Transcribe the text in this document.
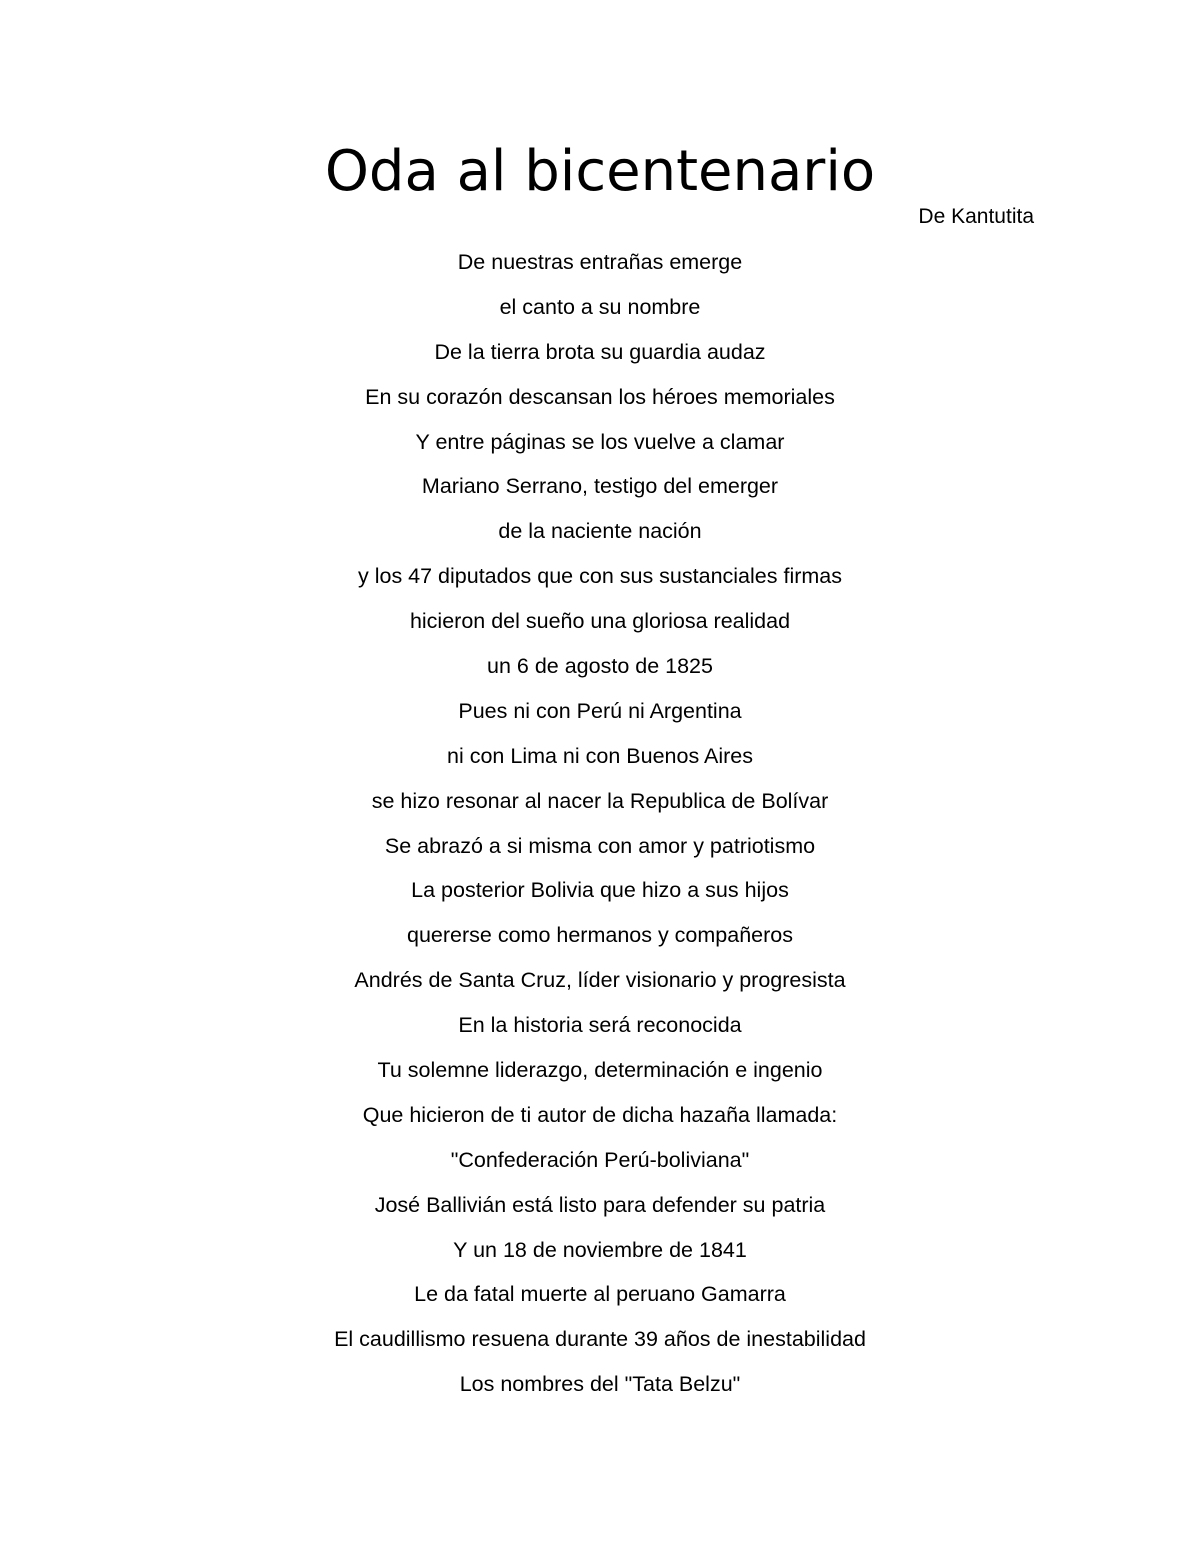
Oda al bicentenario

De Kantutita

De nuestras entrañas emerge
el canto a su nombre
De la tierra brota su guardia audaz
En su corazón descansan los héroes memoriales
Y entre páginas se los vuelve a clamar
Mariano Serrano, testigo del emerger
de la naciente nación
y los 47 diputados que con sus sustanciales firmas
hicieron del sueño una gloriosa realidad
un 6 de agosto de 1825
Pues ni con Perú ni Argentina
ni con Lima ni con Buenos Aires
se hizo resonar al nacer la Republica de Bolívar
Se abrazó a si misma con amor y patriotismo
La posterior Bolivia que hizo a sus hijos
quererse como hermanos y compañeros
Andrés de Santa Cruz, líder visionario y progresista
En la historia será reconocida
Tu solemne liderazgo, determinación e ingenio
Que hicieron de ti autor de dicha hazaña llamada:
"Confederación Perú-boliviana"
José Ballivián está listo para defender su patria
Y un 18 de noviembre de 1841
Le da fatal muerte al peruano Gamarra
El caudillismo resuena durante 39 años de inestabilidad
Los nombres del "Tata Belzu"
